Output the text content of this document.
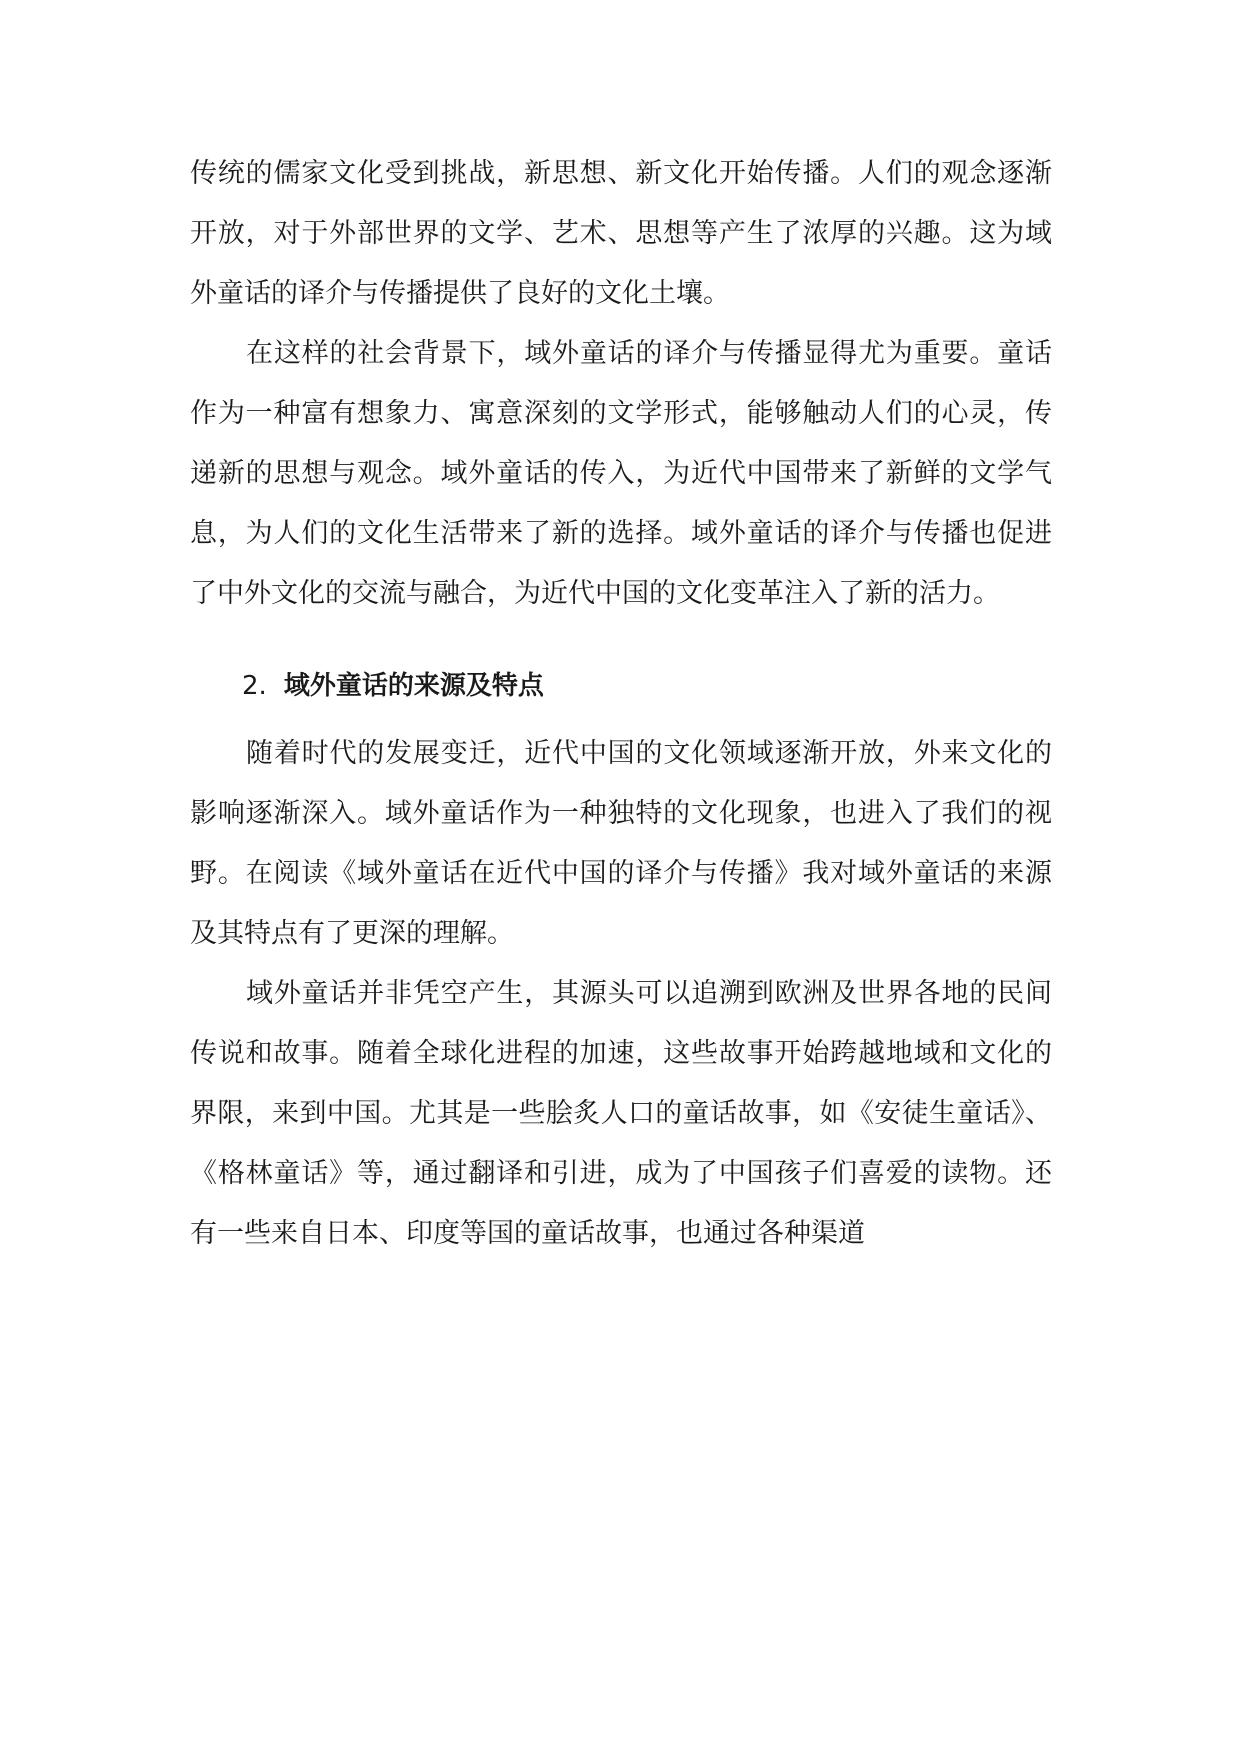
传统的儒家文化受到挑战，新思想、新文化开始传播。人们的观念逐渐开放，对于外部世界的文学、艺术、思想等产生了浓厚的兴趣。这为域外童话的译介与传播提供了良好的文化土壤。

在这样的社会背景下，域外童话的译介与传播显得尤为重要。童话作为一种富有想象力、寓意深刻的文学形式，能够触动人们的心灵，传递新的思想与观念。域外童话的传入，为近代中国带来了新鲜的文学气息，为人们的文化生活带来了新的选择。域外童话的译介与传播也促进了中外文化的交流与融合，为近代中国的文化变革注入了新的活力。

2. 域外童话的来源及特点

随着时代的发展变迁，近代中国的文化领域逐渐开放，外来文化的影响逐渐深入。域外童话作为一种独特的文化现象，也进入了我们的视野。在阅读《域外童话在近代中国的译介与传播》我对域外童话的来源及其特点有了更深的理解。

域外童话并非凭空产生，其源头可以追溯到欧洲及世界各地的民间传说和故事。随着全球化进程的加速，这些故事开始跨越地域和文化的界限，来到中国。尤其是一些脍炙人口的童话故事，如《安徒生童话》、《格林童话》等，通过翻译和引进，成为了中国孩子们喜爱的读物。还有一些来自日本、印度等国的童话故事，也通过各种渠道
